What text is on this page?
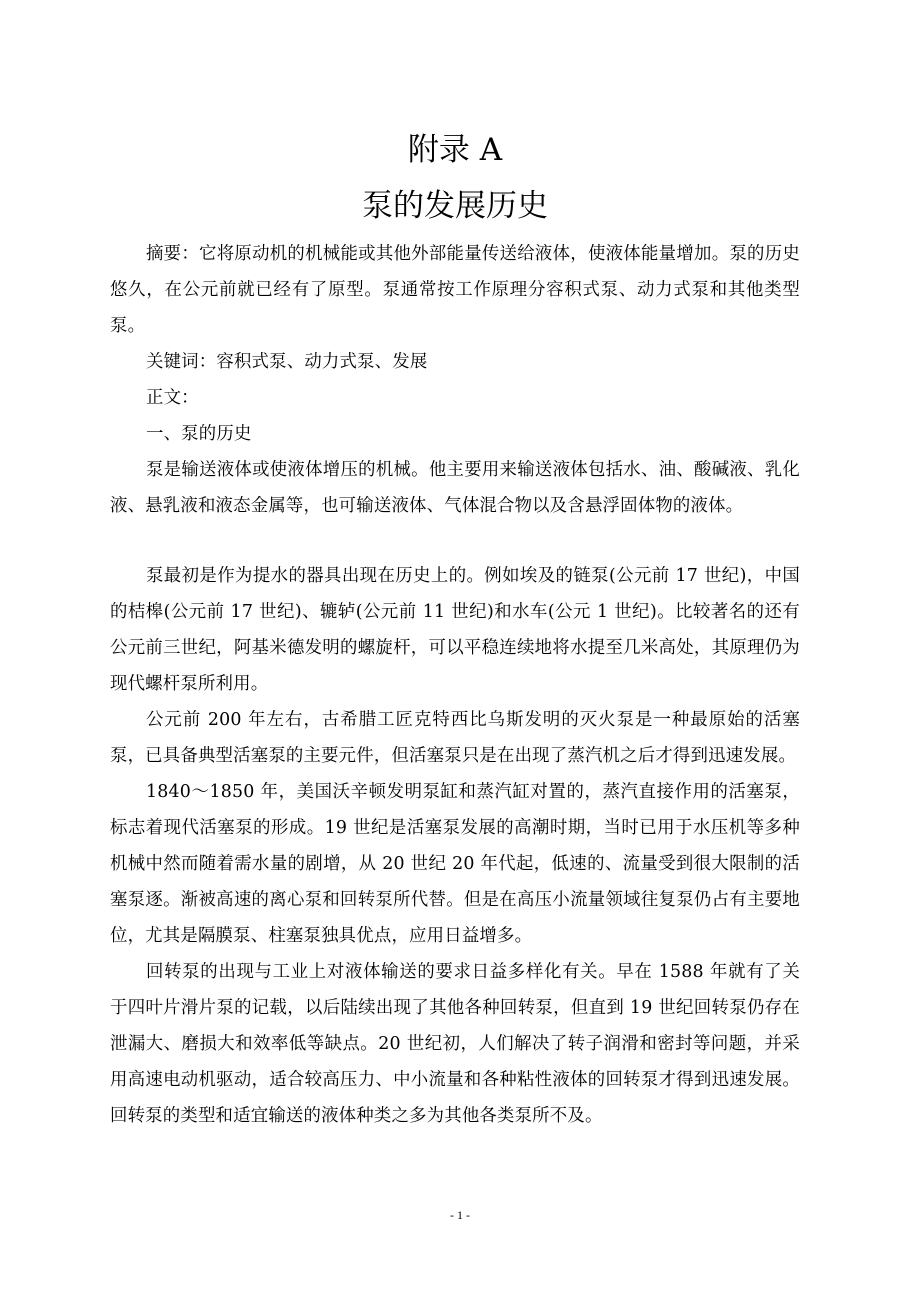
附录 A
泵的发展历史

摘要：它将原动机的机械能或其他外部能量传送给液体，使液体能量增加。泵的历史悠久，在公元前就已经有了原型。泵通常按工作原理分容积式泵、动力式泵和其他类型泵。

关键词：容积式泵、动力式泵、发展

正文：

一、泵的历史

泵是输送液体或使液体增压的机械。他主要用来输送液体包括水、油、酸碱液、乳化液、悬乳液和液态金属等，也可输送液体、气体混合物以及含悬浮固体物的液体。

泵最初是作为提水的器具出现在历史上的。例如埃及的链泵(公元前 17 世纪)，中国的桔槔(公元前 17 世纪)、辘轳(公元前 11 世纪)和水车(公元 1 世纪)。比较著名的还有公元前三世纪，阿基米德发明的螺旋杆，可以平稳连续地将水提至几米高处，其原理仍为现代螺杆泵所利用。

公元前 200 年左右，古希腊工匠克特西比乌斯发明的灭火泵是一种最原始的活塞泵，已具备典型活塞泵的主要元件，但活塞泵只是在出现了蒸汽机之后才得到迅速发展。

1840～1850 年，美国沃辛顿发明泵缸和蒸汽缸对置的，蒸汽直接作用的活塞泵，标志着现代活塞泵的形成。19 世纪是活塞泵发展的高潮时期，当时已用于水压机等多种机械中然而随着需水量的剧增，从 20 世纪 20 年代起，低速的、流量受到很大限制的活塞泵逐。渐被高速的离心泵和回转泵所代替。但是在高压小流量领域往复泵仍占有主要地位，尤其是隔膜泵、柱塞泵独具优点，应用日益增多。

回转泵的出现与工业上对液体输送的要求日益多样化有关。早在 1588 年就有了关于四叶片滑片泵的记载，以后陆续出现了其他各种回转泵，但直到 19 世纪回转泵仍存在泄漏大、磨损大和效率低等缺点。20 世纪初，人们解决了转子润滑和密封等问题，并采用高速电动机驱动，适合较高压力、中小流量和各种粘性液体的回转泵才得到迅速发展。回转泵的类型和适宜输送的液体种类之多为其他各类泵所不及。

- 1 -
